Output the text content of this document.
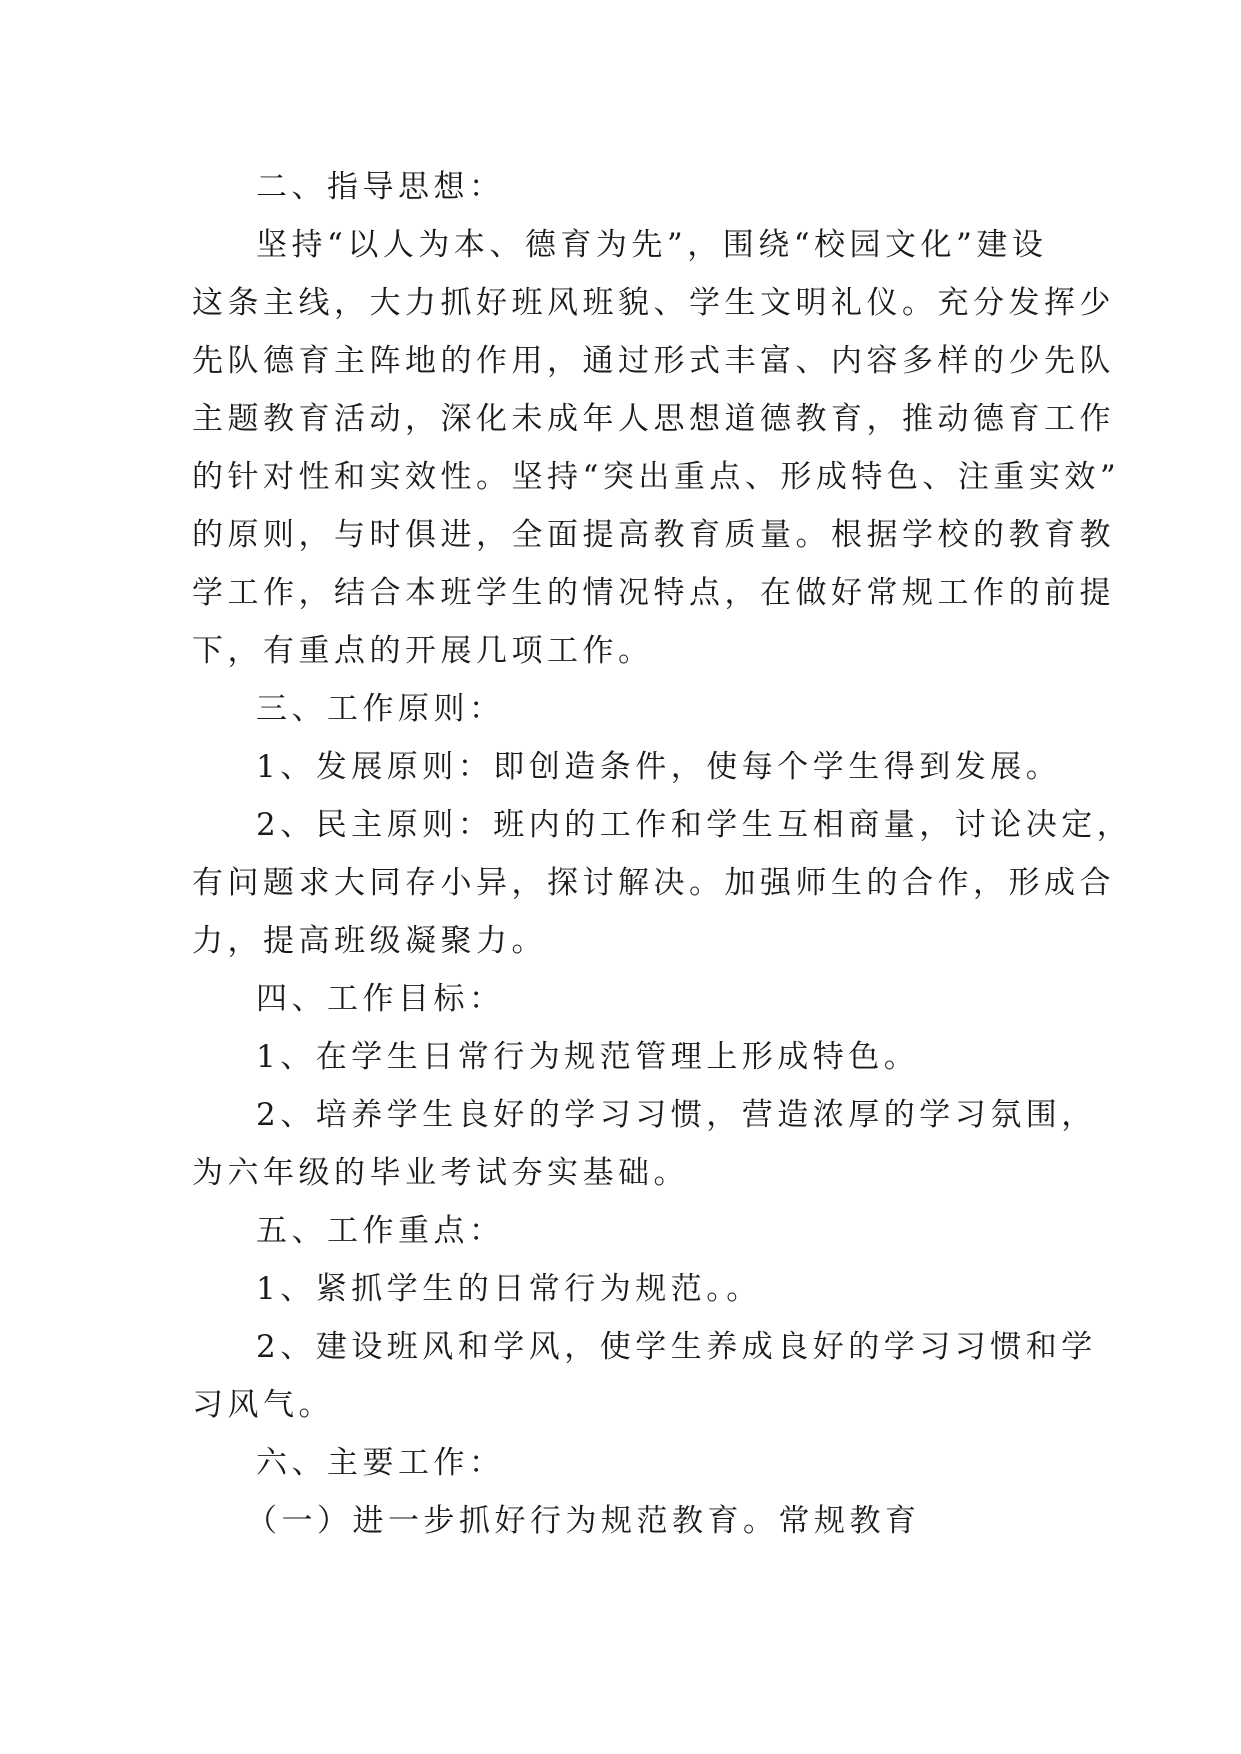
二、指导思想：
坚持“以人为本、德育为先”，围绕“校园文化”建设
这条主线，大力抓好班风班貌、学生文明礼仪。充分发挥少
先队德育主阵地的作用，通过形式丰富、内容多样的少先队
主题教育活动，深化未成年人思想道德教育，推动德育工作
的针对性和实效性。坚持“突出重点、形成特色、注重实效”
的原则，与时俱进，全面提高教育质量。根据学校的教育教
学工作，结合本班学生的情况特点，在做好常规工作的前提
下，有重点的开展几项工作。
三、工作原则：
1、发展原则：即创造条件，使每个学生得到发展。
2、民主原则：班内的工作和学生互相商量，讨论决定，
有问题求大同存小异，探讨解决。加强师生的合作，形成合
力，提高班级凝聚力。
四、工作目标：
1、在学生日常行为规范管理上形成特色。
2、培养学生良好的学习习惯，营造浓厚的学习氛围，
为六年级的毕业考试夯实基础。
五、工作重点：
1、紧抓学生的日常行为规范。。
2、建设班风和学风，使学生养成良好的学习习惯和学
习风气。
六、主要工作：
（一）进一步抓好行为规范教育。常规教育
